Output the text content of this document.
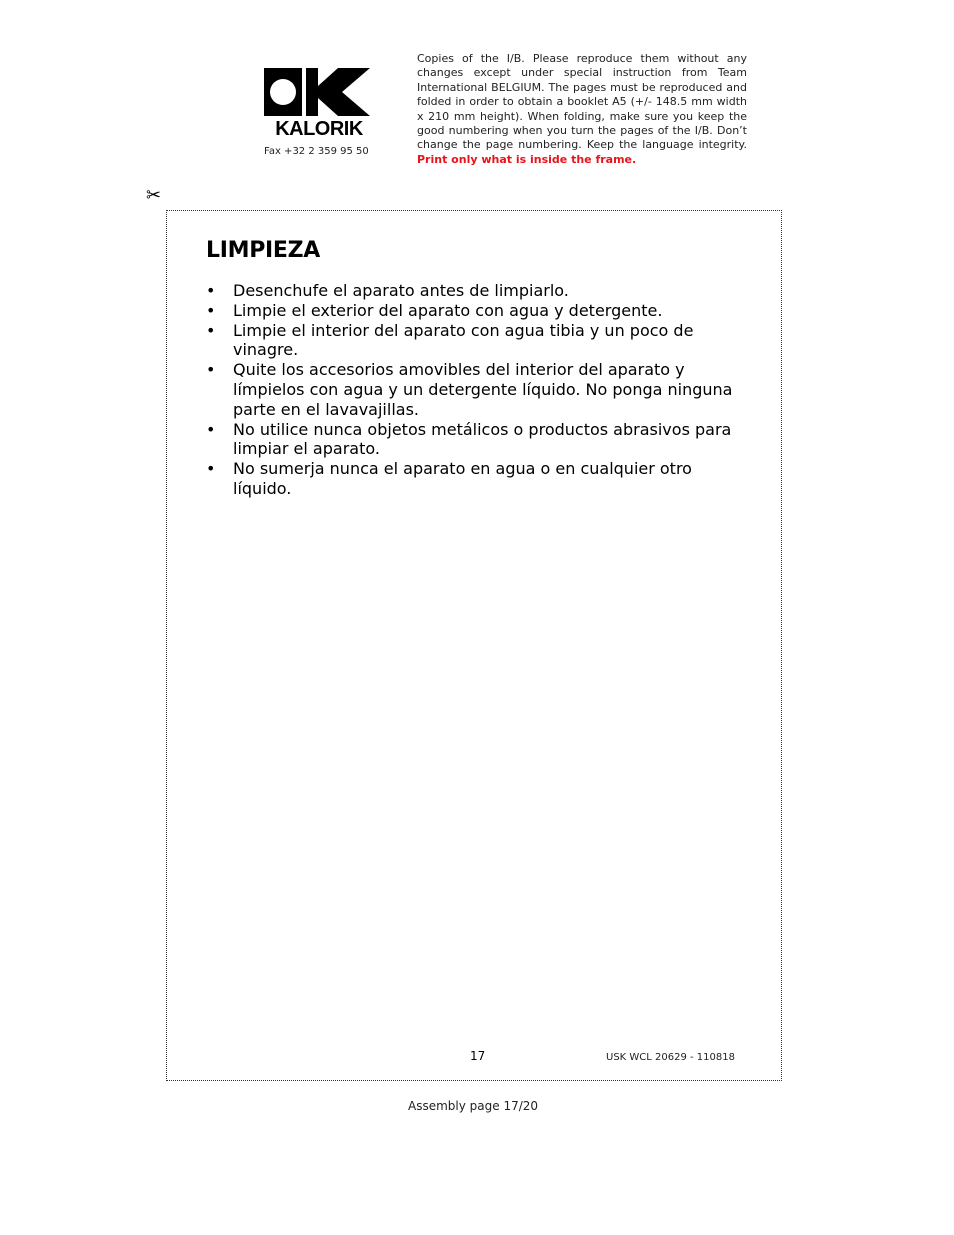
KALORIK
Fax +32 2 359 95 50
Copies of the I/B. Please reproduce them without any changes except under special instruction from Team International BELGIUM. The pages must be reproduced and folded in order to obtain a booklet A5 (+/- 148.5 mm width x 210 mm height). When folding, make sure you keep the good numbering when you turn the pages of the I/B. Don’t change the page numbering. Keep the language integrity. Print only what is inside the frame.
✂
LIMPIEZA
• Desenchufe el aparato antes de limpiarlo.
• Limpie el exterior del aparato con agua y detergente.
• Limpie el interior del aparato con agua tibia y un poco de vinagre.
• Quite los accesorios amovibles del interior del aparato y límpielos con agua y un detergente líquido. No ponga ninguna parte en el lavavajillas.
• No utilice nunca objetos metálicos o productos abrasivos para limpiar el aparato.
• No sumerja nunca el aparato en agua o en cualquier otro líquido.
17	USK WCL 20629 - 110818
Assembly page 17/20
